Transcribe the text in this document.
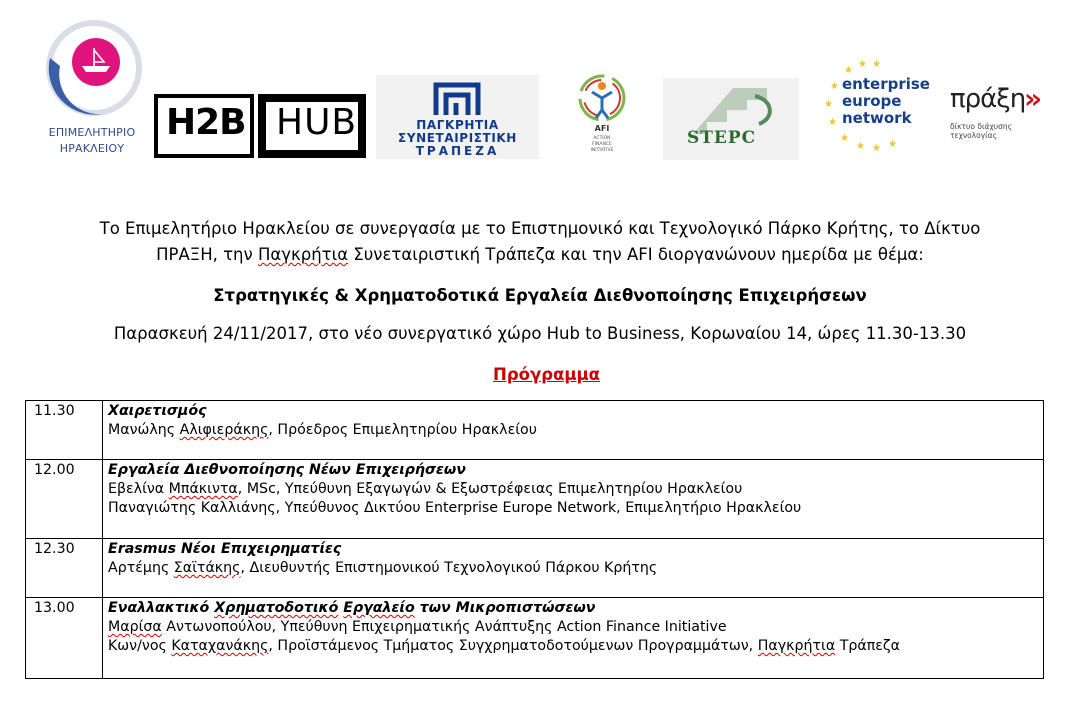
ΕΠΙΜΕΛΗΤΗΡΙΟ
ΗΡΑΚΛΕΙΟΥ
H2B HUB	ΠΑΓΚΡΗΤΙΑ
ΣΥΝΕΤΑΙΡΙΣΤΙΚΗ
ΤΡΑΠΕΖΑ
AFI
ACTION
FINANCE
INITIATIVE
STEPC
★
★ ★
★
★
★
★
★ ★ ★
enterprise
europe
network
πράξη
»
δίκτυο διάχυσης τεχνολογίας
Το Επιμελητήριο Ηρακλείου σε συνεργασία με το Επιστημονικό και Τεχνολογικό Πάρκο Κρήτης, το Δίκτυο
ΠΡΑΞΗ, την Παγκρήτια Συνεταιριστική Τράπεζα και την AFI διοργανώνουν ημερίδα με θέμα:
Στρατηγικές & Χρηματοδοτικά Εργαλεία Διεθνοποίησης Επιχειρήσεων
Παρασκευή 24/11/2017, στο νέο συνεργατικό χώρο Hub to Business, Κορωναίου 14, ώρες 11.30-13.30
Πρόγραμμα
11.30	Χαιρετισμός
Μανώλης Αλιφιεράκης, Πρόεδρος Επιμελητηρίου Ηρακλείου

12.00	Εργαλεία Διεθνοποίησης Νέων Επιχειρήσεων
Εβελίνα Μπάκιντα, MSc, Υπεύθυνη Εξαγωγών & Εξωστρέφειας Επιμελητηρίου Ηρακλείου
Παναγιώτης Καλλιάνης, Υπεύθυνος Δικτύου Enterprise Europe Network, Επιμελητήριο Ηρακλείου

12.30	Erasmus Νέοι Επιχειρηματίες
Αρτέμης Σαϊτάκης, Διευθυντής Επιστημονικού Τεχνολογικού Πάρκου Κρήτης

13.00	Εναλλακτικό Χρηματοδοτικό Εργαλείο των Μικροπιστώσεων
Μαρίσα Αντωνοπούλου, Υπεύθυνη Επιχειρηματικής Ανάπτυξης Action Finance Initiative
Κων/νος Καταχανάκης, Προϊστάμενος Τμήματος Συγχρηματοδοτούμενων Προγραμμάτων, Παγκρήτια Τράπεζα
